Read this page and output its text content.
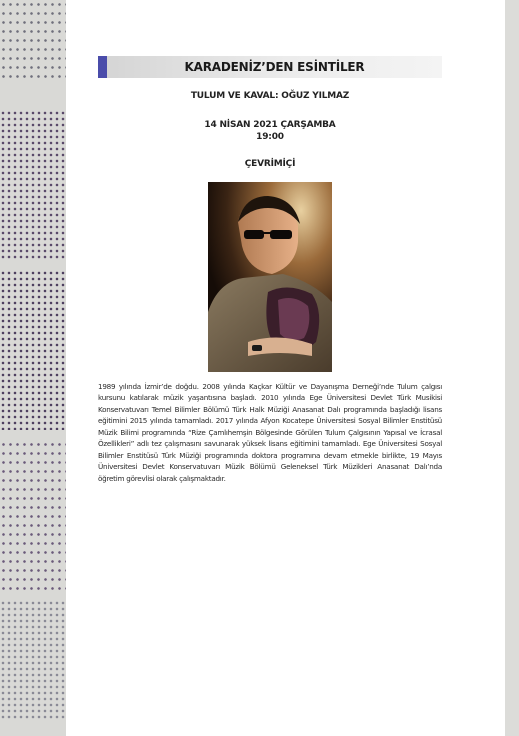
KARADENİZ’DEN ESİNTİLER
TULUM VE KAVAL: OĞUZ YILMAZ
14 NİSAN 2021 ÇARŞAMBA
19:00
ÇEVRİMİÇİ
1989 yılında İzmir’de doğdu. 2008 yılında Kaçkar Kültür ve Dayanışma Derneği’nde Tulum çalgısı kursunu katılarak müzik yaşantısına başladı. 2010 yılında Ege Üniversitesi Devlet Türk Musikisi Konservatuvarı Temel Bilimler Bölümü Türk Halk Müziği Anasanat Dalı programında başladığı lisans eğitimini 2015 yılında tamamladı. 2017 yılında Afyon Kocatepe Üniversitesi Sosyal Bilimler Enstitüsü Müzik Bilimi programında “Rize Çamlıhemşin Bölgesinde Görülen Tulum Çalgısının Yapısal ve İcrasal Özellikleri” adlı tez çalışmasını savunarak yüksek lisans eğitimini tamamladı. Ege Üniversitesi Sosyal Bilimler Enstitüsü Türk Müziği programında doktora programına devam etmekle birlikte, 19 Mayıs Üniversitesi Devlet Konservatuvarı Müzik Bölümü Geleneksel Türk Müzikleri Anasanat Dalı’nda öğretim görevlisi olarak çalışmaktadır.
